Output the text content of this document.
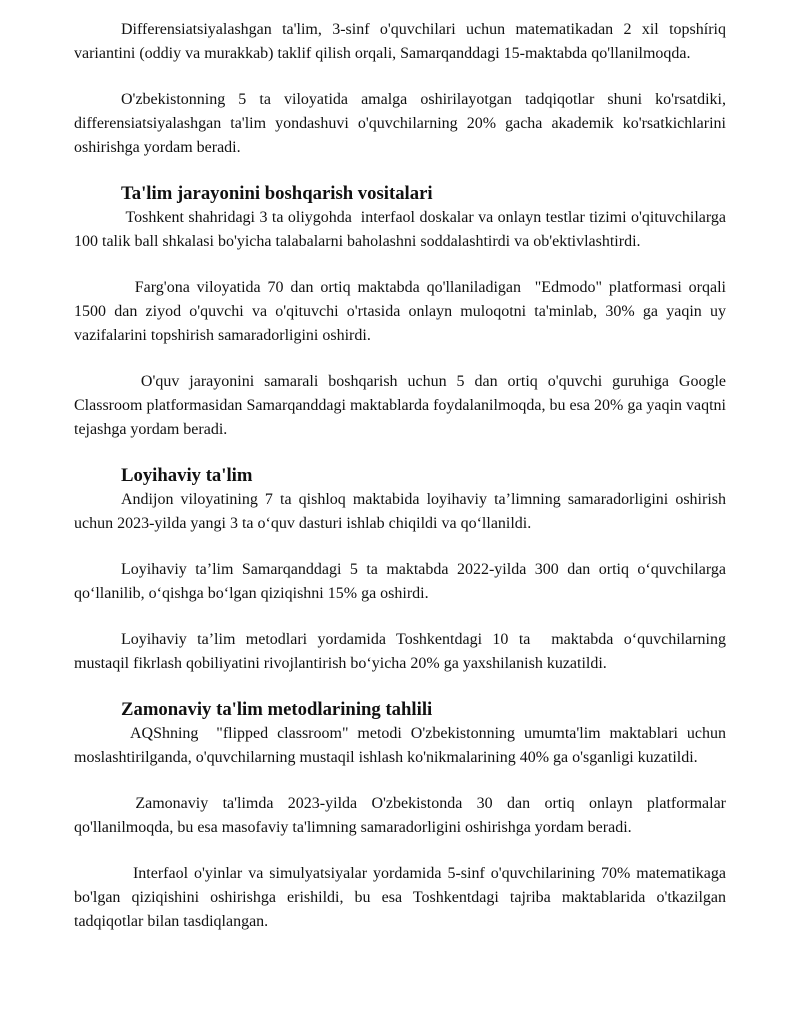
Differensiatsiyalashgan ta'lim, 3-sinf o'quvchilari uchun matematikadan 2 xil topshíriq variantini (oddiy va murakkab) taklif qilish orqali, Samarqanddagi 15-maktabda qo'llanilmoqda.

O'zbekistonning 5 ta viloyatida amalga oshirilayotgan tadqiqotlar shuni ko'rsatdiki, differensiatsiyalashgan ta'lim yondashuvi o'quvchilarning 20% gacha akademik ko'rsatkichlarini oshirishga yordam beradi.

Ta'lim jarayonini boshqarish vositalari

Toshkent shahridagi 3 ta oliygohda  interfaol doskalar va onlayn testlar tizimi o'qituvchilarga 100 talik ball shkalasi bo'yicha talabalarni baholashni soddalashtirdi va ob'ektivlashtirdi.

Farg'ona viloyatida 70 dan ortiq maktabda qo'llaniladigan  "Edmodo" platformasi orqali 1500 dan ziyod o'quvchi va o'qituvchi o'rtasida onlayn muloqotni ta'minlab, 30% ga yaqin uy vazifalarini topshirish samaradorligini oshirdi.

O'quv jarayonini samarali boshqarish uchun 5 dan ortiq o'quvchi guruhiga Google Classroom platformasidan Samarqanddagi maktablarda foydalanilmoqda, bu esa 20% ga yaqin vaqtni tejashga yordam beradi.

Loyihaviy ta'lim

Andijon viloyatining 7 ta qishloq maktabida loyihaviy ta’limning samaradorligini oshirish uchun 2023-yilda yangi 3 ta o‘quv dasturi ishlab chiqildi va qo‘llanildi.

Loyihaviy ta’lim Samarqanddagi 5 ta maktabda 2022-yilda 300 dan ortiq o‘quvchilarga qo‘llanilib, o‘qishga bo‘lgan qiziqishni 15% ga oshirdi.

Loyihaviy ta’lim metodlari yordamida Toshkentdagi 10 ta  maktabda o‘quvchilarning mustaqil fikrlash qobiliyatini rivojlantirish bo‘yicha 20% ga yaxshilanish kuzatildi.

Zamonaviy ta'lim metodlarining tahlili

AQShning  "flipped classroom" metodi O'zbekistonning umumta'lim maktablari uchun moslashtirilganda, o'quvchilarning mustaqil ishlash ko'nikmalarining 40% ga o'sganligi kuzatildi.

Zamonaviy ta'limda 2023-yilda O'zbekistonda 30 dan ortiq onlayn platformalar qo'llanilmoqda, bu esa masofaviy ta'limning samaradorligini oshirishga yordam beradi.

Interfaol o'yinlar va simulyatsiyalar yordamida 5-sinf o'quvchilarining 70% matematikaga bo'lgan qiziqishini oshirishga erishildi, bu esa Toshkentdagi tajriba maktablarida o'tkazilgan tadqiqotlar bilan tasdiqlangan.
